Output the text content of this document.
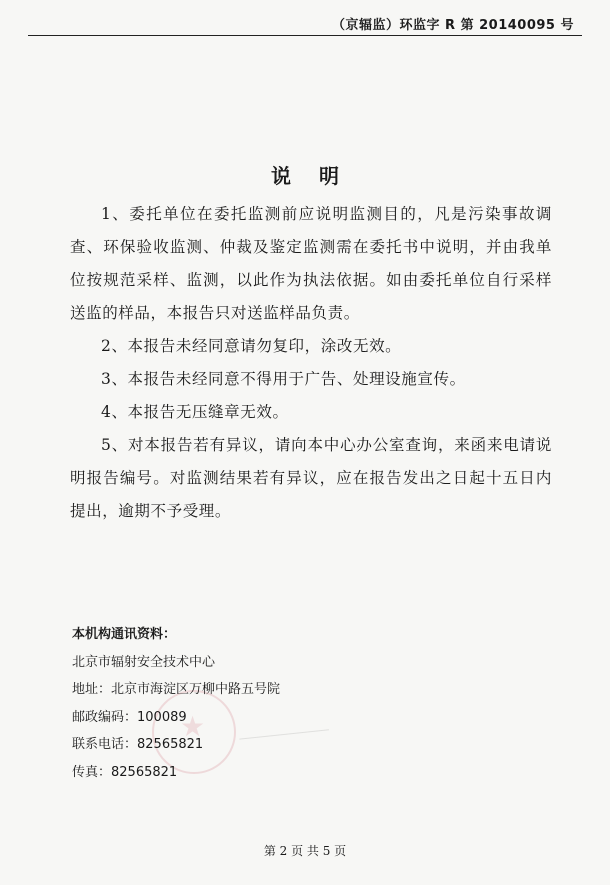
（京辐监）环监字 R 第 20140095 号
说明

1、委托单位在委托监测前应说明监测目的，凡是污染事故调查、环保验收监测、仲裁及鉴定监测需在委托书中说明，并由我单位按规范采样、监测，以此作为执法依据。如由委托单位自行采样送监的样品，本报告只对送监样品负责。

2、本报告未经同意请勿复印，涂改无效。

3、本报告未经同意不得用于广告、处理设施宣传。

4、本报告无压缝章无效。

5、对本报告若有异议，请向本中心办公室查询，来函来电请说明报告编号。对监测结果若有异议，应在报告发出之日起十五日内提出，逾期不予受理。

★
本机构通讯资料：
北京市辐射安全技术中心
地址：北京市海淀区万柳中路五号院
邮政编码：100089
联系电话：82565821
传真：82565821
第 2 页 共 5 页
